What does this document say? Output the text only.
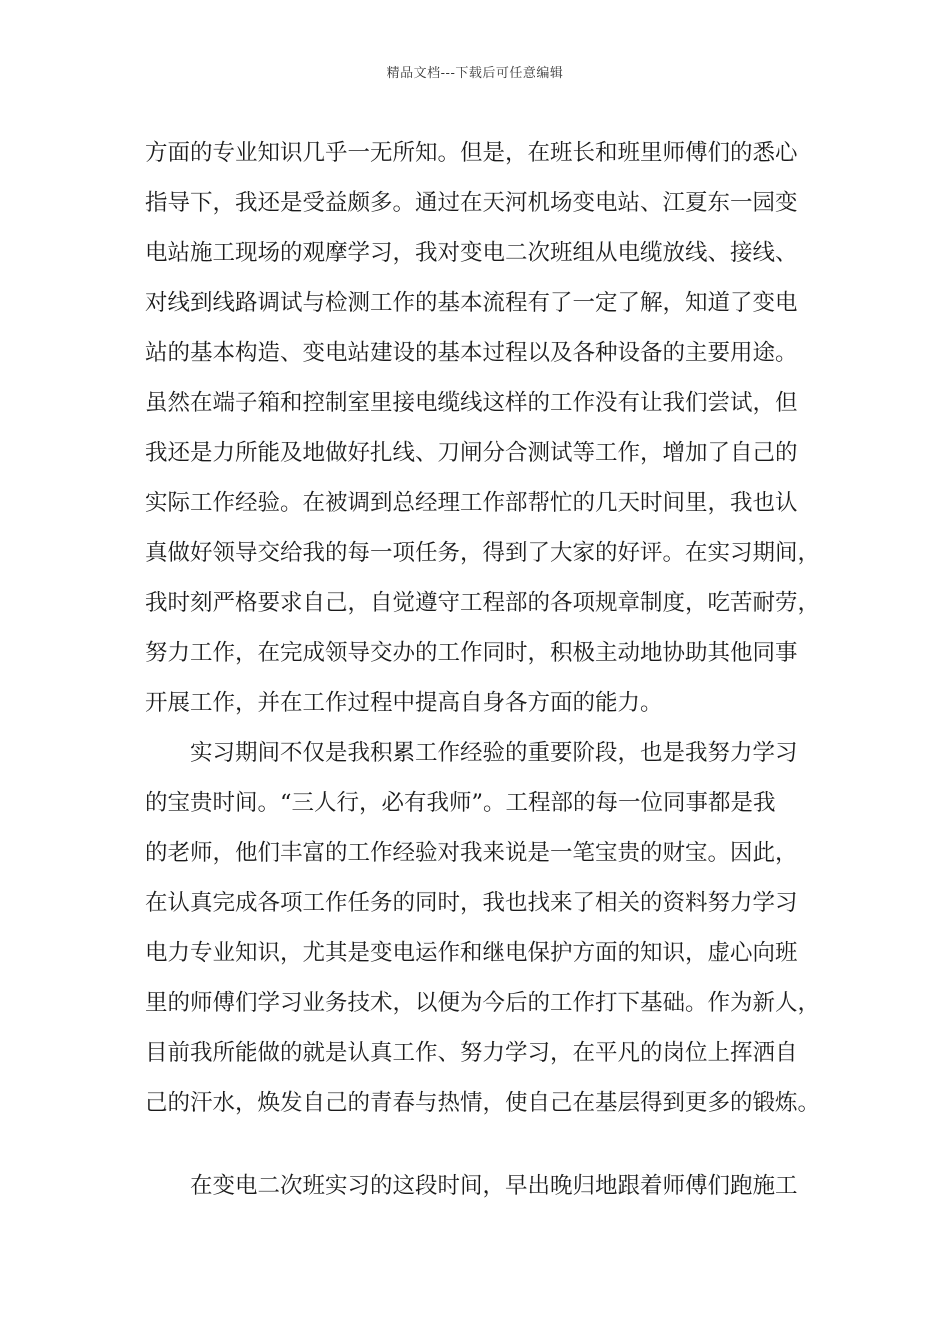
精品文档---下载后可任意编辑
方面的专业知识几乎一无所知。但是，在班长和班里师傅们的悉心
指导下，我还是受益颇多。通过在天河机场变电站、江夏东一园变
电站施工现场的观摩学习，我对变电二次班组从电缆放线、接线、
对线到线路调试与检测工作的基本流程有了一定了解，知道了变电
站的基本构造、变电站建设的基本过程以及各种设备的主要用途。
虽然在端子箱和控制室里接电缆线这样的工作没有让我们尝试，但
我还是力所能及地做好扎线、刀闸分合测试等工作，增加了自己的
实际工作经验。在被调到总经理工作部帮忙的几天时间里，我也认
真做好领导交给我的每一项任务，得到了大家的好评。在实习期间，
我时刻严格要求自己，自觉遵守工程部的各项规章制度，吃苦耐劳，
努力工作，在完成领导交办的工作同时，积极主动地协助其他同事
开展工作，并在工作过程中提高自身各方面的能力。
实习期间不仅是我积累工作经验的重要阶段，也是我努力学习
的宝贵时间。“三人行，必有我师”。工程部的每一位同事都是我
的老师，他们丰富的工作经验对我来说是一笔宝贵的财宝。因此，
在认真完成各项工作任务的同时，我也找来了相关的资料努力学习
电力专业知识，尤其是变电运作和继电保护方面的知识，虚心向班
里的师傅们学习业务技术，以便为今后的工作打下基础。作为新人，
目前我所能做的就是认真工作、努力学习，在平凡的岗位上挥洒自
己的汗水，焕发自己的青春与热情，使自己在基层得到更多的锻炼。
在变电二次班实习的这段时间，早出晚归地跟着师傅们跑施工
